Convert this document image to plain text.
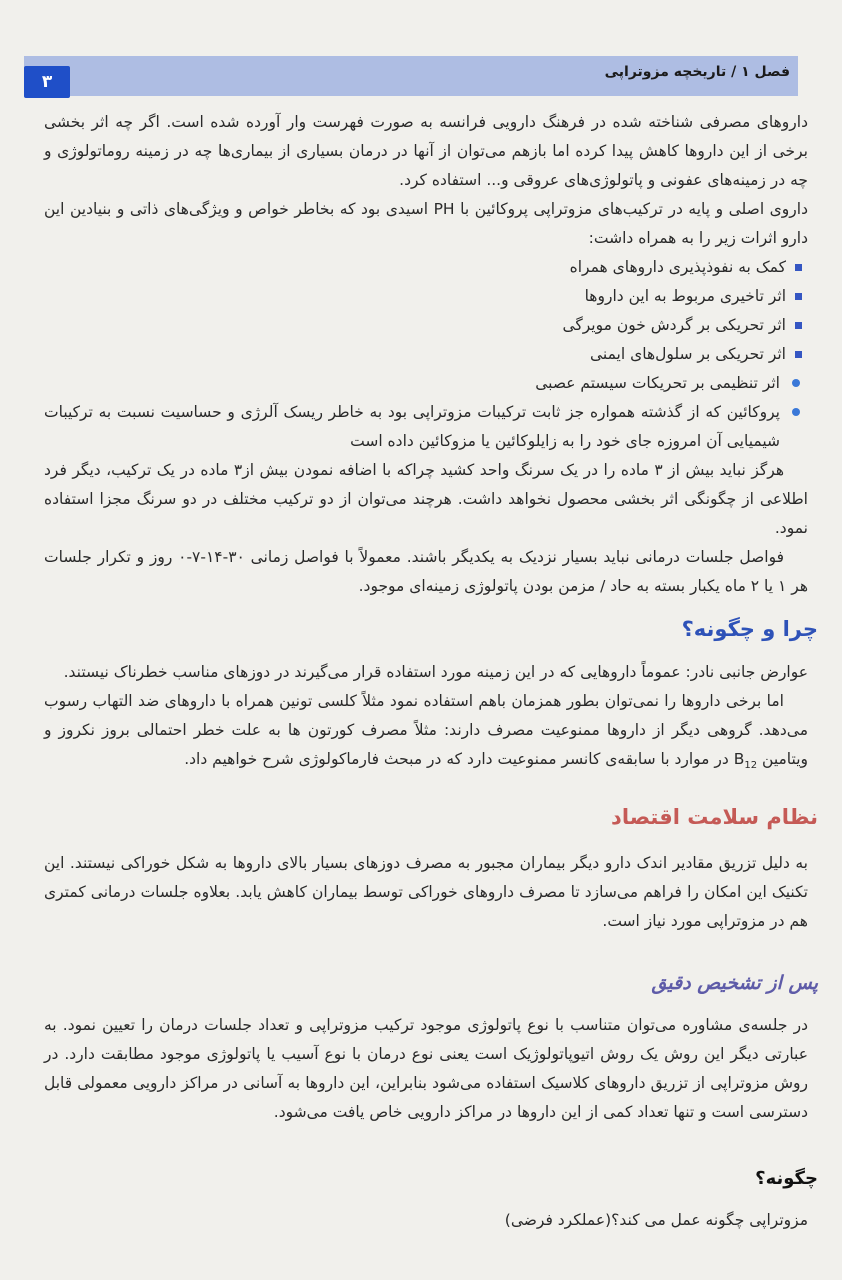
فصل ۱ / تاریخچه مزوتراپی
۳

داروهای مصرفی شناخته شده در فرهنگ دارویی فرانسه به صورت فهرست وار آورده شده است. اگر چه اثر بخشی برخی از این داروها کاهش پیدا کرده اما بازهم می‌توان از آنها در درمان بسیاری از بیماری‌ها چه در زمینه روماتولوژی و چه در زمینه‌های عفونی و پاتولوژی‌های عروقی و... استفاده کرد.

داروی اصلی و پایه در ترکیب‌های مزوتراپی پروکائین با PH اسیدی بود که بخاطر خواص و ویژگی‌های ذاتی و بنیادین این دارو اثرات زیر را به همراه داشت:

کمک به نفوذپذیری داروهای همراه
اثر تاخیری مربوط به این داروها
اثر تحریکی بر گردش خون مویرگی
اثر تحریکی بر سلول‌های ایمنی
اثر تنظیمی بر تحریکات سیستم عصبی
پروکائین که از گذشته همواره جز ثابت ترکیبات مزوتراپی بود به خاطر ریسک آلرژی و حساسیت نسبت به ترکیبات شیمیایی آن امروزه جای خود را به زایلوکائین یا مزوکائین داده است

هرگز نباید بیش از ۳ ماده را در یک سرنگ واحد کشید چراکه با اضافه نمودن بیش از۳ ماده در یک ترکیب، دیگر فرد اطلاعی از چگونگی اثر بخشی محصول نخواهد داشت. هرچند می‌توان از دو ترکیب مختلف در دو سرنگ مجزا استفاده نمود.

فواصل جلسات درمانی نباید بسیار نزدیک به یکدیگر باشند. معمولاً با فواصل زمانی ۳۰-۱۴-۷-۰ روز و تکرار جلسات هر ۱ یا ۲ ماه یکبار بسته به حاد / مزمن بودن پاتولوژی زمینه‌ای موجود.

چرا و چگونه؟

عوارض جانبی نادر: عموماً داروهایی که در این زمینه مورد استفاده قرار می‌گیرند در دوزهای مناسب خطرناک نیستند.

اما برخی داروها را نمی‌توان بطور همزمان باهم استفاده نمود مثلاً کلسی تونین همراه با داروهای ضد التهاب رسوب می‌دهد. گروهی دیگر از داروها ممنوعیت مصرف دارند: مثلاً مصرف کورتون ها به علت خطر احتمالی بروز نکروز و ویتامین $B_{12}$ در موارد با سابقه‌ی کانسر ممنوعیت دارد که در مبحث فارماکولوژی شرح خواهیم داد.

نظام سلامت اقتصاد

به دلیل تزریق مقادیر اندک دارو دیگر بیماران مجبور به مصرف دوزهای بسیار بالای داروها به شکل خوراکی نیستند. این تکنیک این امکان را فراهم می‌سازد تا مصرف داروهای خوراکی توسط بیماران کاهش یابد. بعلاوه جلسات درمانی کمتری هم در مزوتراپی مورد نیاز است.

پس از تشخیص دقیق

در جلسه‌ی مشاوره می‌توان متناسب با نوع پاتولوژی موجود ترکیب مزوتراپی و تعداد جلسات درمان را تعیین نمود. به عبارتی دیگر این روش یک روش اتیوپاتولوژیک است یعنی نوع درمان با نوع آسیب یا پاتولوژی موجود مطابقت دارد. در روش مزوتراپی از تزریق داروهای کلاسیک استفاده می‌شود بنابراین، این داروها به آسانی در مراکز دارویی معمولی قابل دسترسی است و تنها تعداد کمی از این داروها در مراکز دارویی خاص یافت می‌شود.

چگونه؟

مزوتراپی چگونه عمل می کند؟(عملکرد فرضی)
